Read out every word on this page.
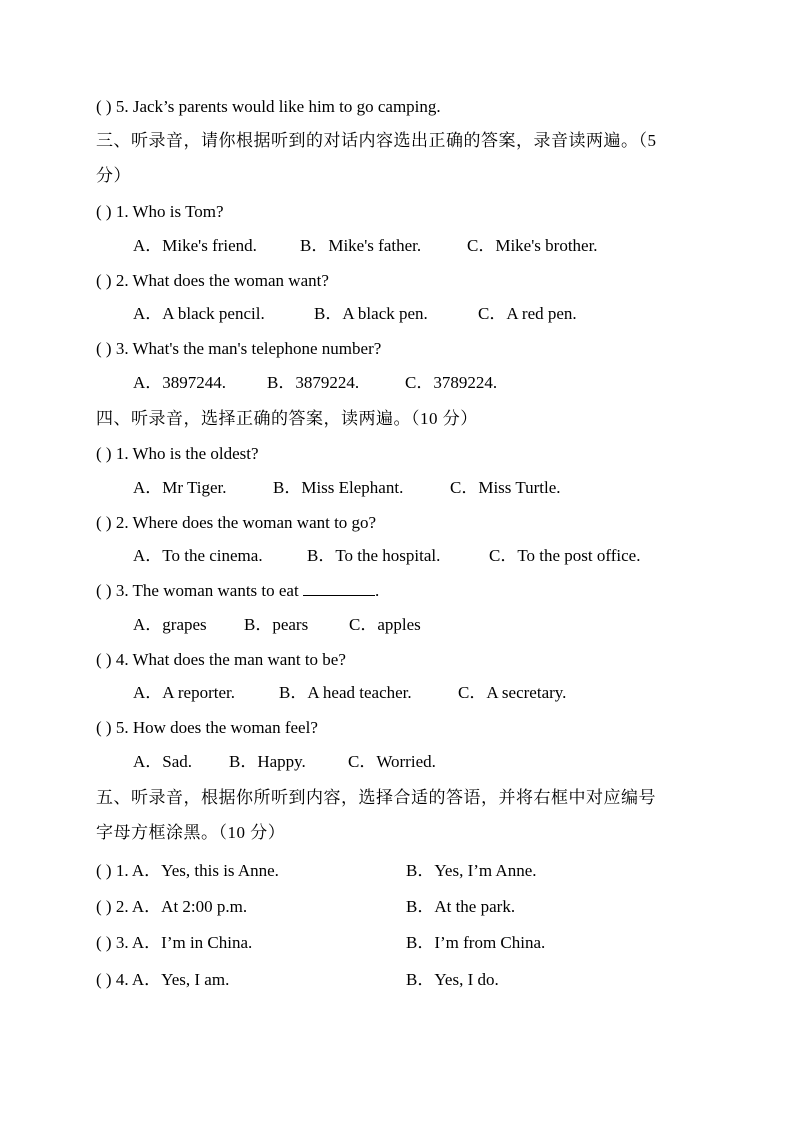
( ) 5. Jack’s parents would like him to go camping.
三、听录音，请你根据听到的对话内容选出正确的答案，录音读两遍。（5
分）
( ) 1. Who is Tom?
A．Mike's friend.	B．Mike's father.	C．Mike's brother.
( ) 2. What does the woman want?
A．A black pencil.	B．A black pen.	C．A red pen.
( ) 3. What's the man's telephone number?
A．3897244. B．3879224.	C．3789224.
四、听录音，选择正确的答案，读两遍。（10 分）
( ) 1. Who is the oldest?
A．Mr Tiger.	B．Miss Elephant.	C．Miss Turtle.
( ) 2. Where does the woman want to go?
A．To the cinema.	B．To the hospital.	C．To the post office.
( ) 3. The woman wants to eat	.
A．grapes B．pears C．apples
( ) 4. What does the man want to be?
A．A reporter.	B．A head teacher.	C．A secretary.
( ) 5. How does the woman feel?
A．Sad. B．Happy. C．Worried.
五、听录音，根据你所听到内容，选择合适的答语，并将右框中对应编号
字母方框涂黑。（10 分）
( ) 1. A．Yes, this is Anne.	B．Yes, I’m Anne.
( ) 2. A．At 2:00 p.m.	B．At the park.
( ) 3. A．I’m in China.	B．I’m from China.
( ) 4. A．Yes, I am.	B．Yes, I do.
